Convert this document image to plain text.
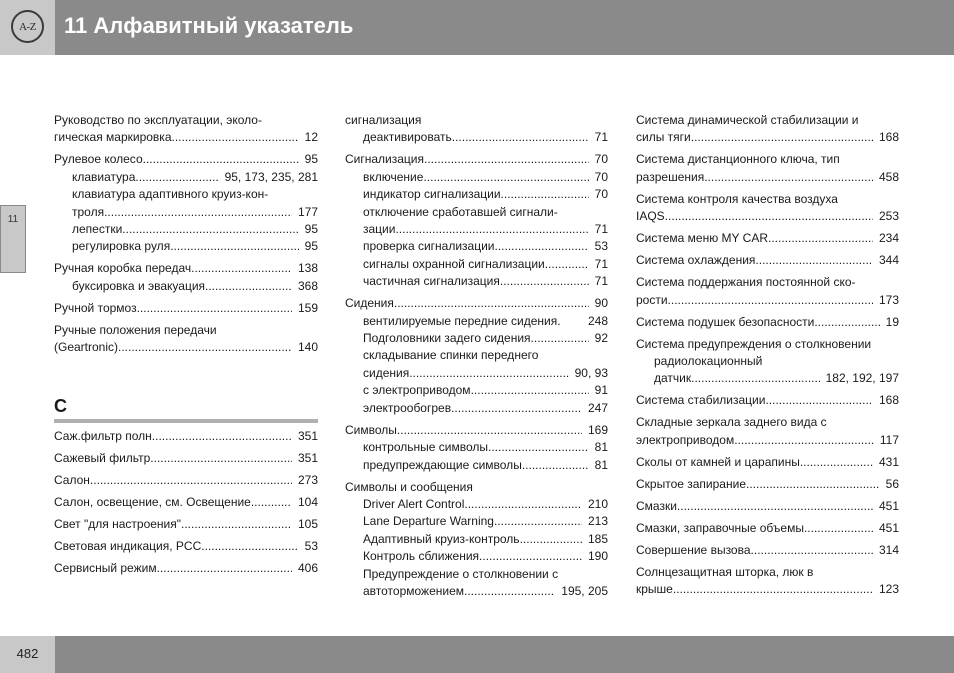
A-Z	11 Алфавитный указатель
11
Руководство по эксплуатации, эколо-
гическая маркировка .....	12
Рулевое колесо .....	95
клавиатура .....	95, 173, 235, 281
клавиатура адаптивного круиз-кон-
троля .....	177
лепестки .....	95
регулировка руля .....	95
Ручная коробка передач .....	138
буксировка и эвакуация .....	368
Ручной тормоз .....	159
Ручные положения передачи
(Geartronic) .....	140
С
Саж.фильтр полн .....	351
Сажевый фильтр .....	351
Салон .....	273
Салон, освещение, см. Освещение .....	104
Свет "для настроения" .....	105
Световая индикация, PCC .....	53
Сервисный режим .....	406
сигнализация
деактивировать .....	71
Сигнализация .....	70
включение .....	70
индикатор сигнализации .....	70
отключение сработавшей сигнали-
зации .....	71
проверка сигнализации .....	53
сигналы охранной сигнализации .....	71
частичная сигнализация .....	71
Сидения .....	90
вентилируемые передние сидения.	248
Подголовники задего сидения .....	92
складывание спинки переднего
сидения .....	90, 93
с электроприводом .....	91
электрообогрев .....	247
Символы .....	169
контрольные символы .....	81
предупреждающие символы .....	81
Символы и сообщения
Driver Alert Control .....	210
Lane Departure Warning .....	213
Адаптивный круиз-контроль .....	185
Контроль сближения .....	190
Предупреждение о столкновении с
автоторможением .....	195, 205
Система динамической стабилизации и
силы тяги .....	168
Система дистанционного ключа, тип
разрешения .....	458
Система контроля качества воздуха
IAQS .....	253
Система меню MY CAR .....	234
Система охлаждения .....	344
Система поддержания постоянной ско-
рости .....	173
Система подушек безопасности .....	19
Система предупреждения о столкновении
радиолокационный
датчик .....	182, 192, 197
Система стабилизации .....	168
Складные зеркала заднего вида с
электроприводом .....	117
Сколы от камней и царапины .....	431
Скрытое запирание .....	56
Смазки .....	451
Смазки, заправочные объемы .....	451
Совершение вызова .....	314
Солнцезащитная шторка, люк в
крыше .....	123
482
